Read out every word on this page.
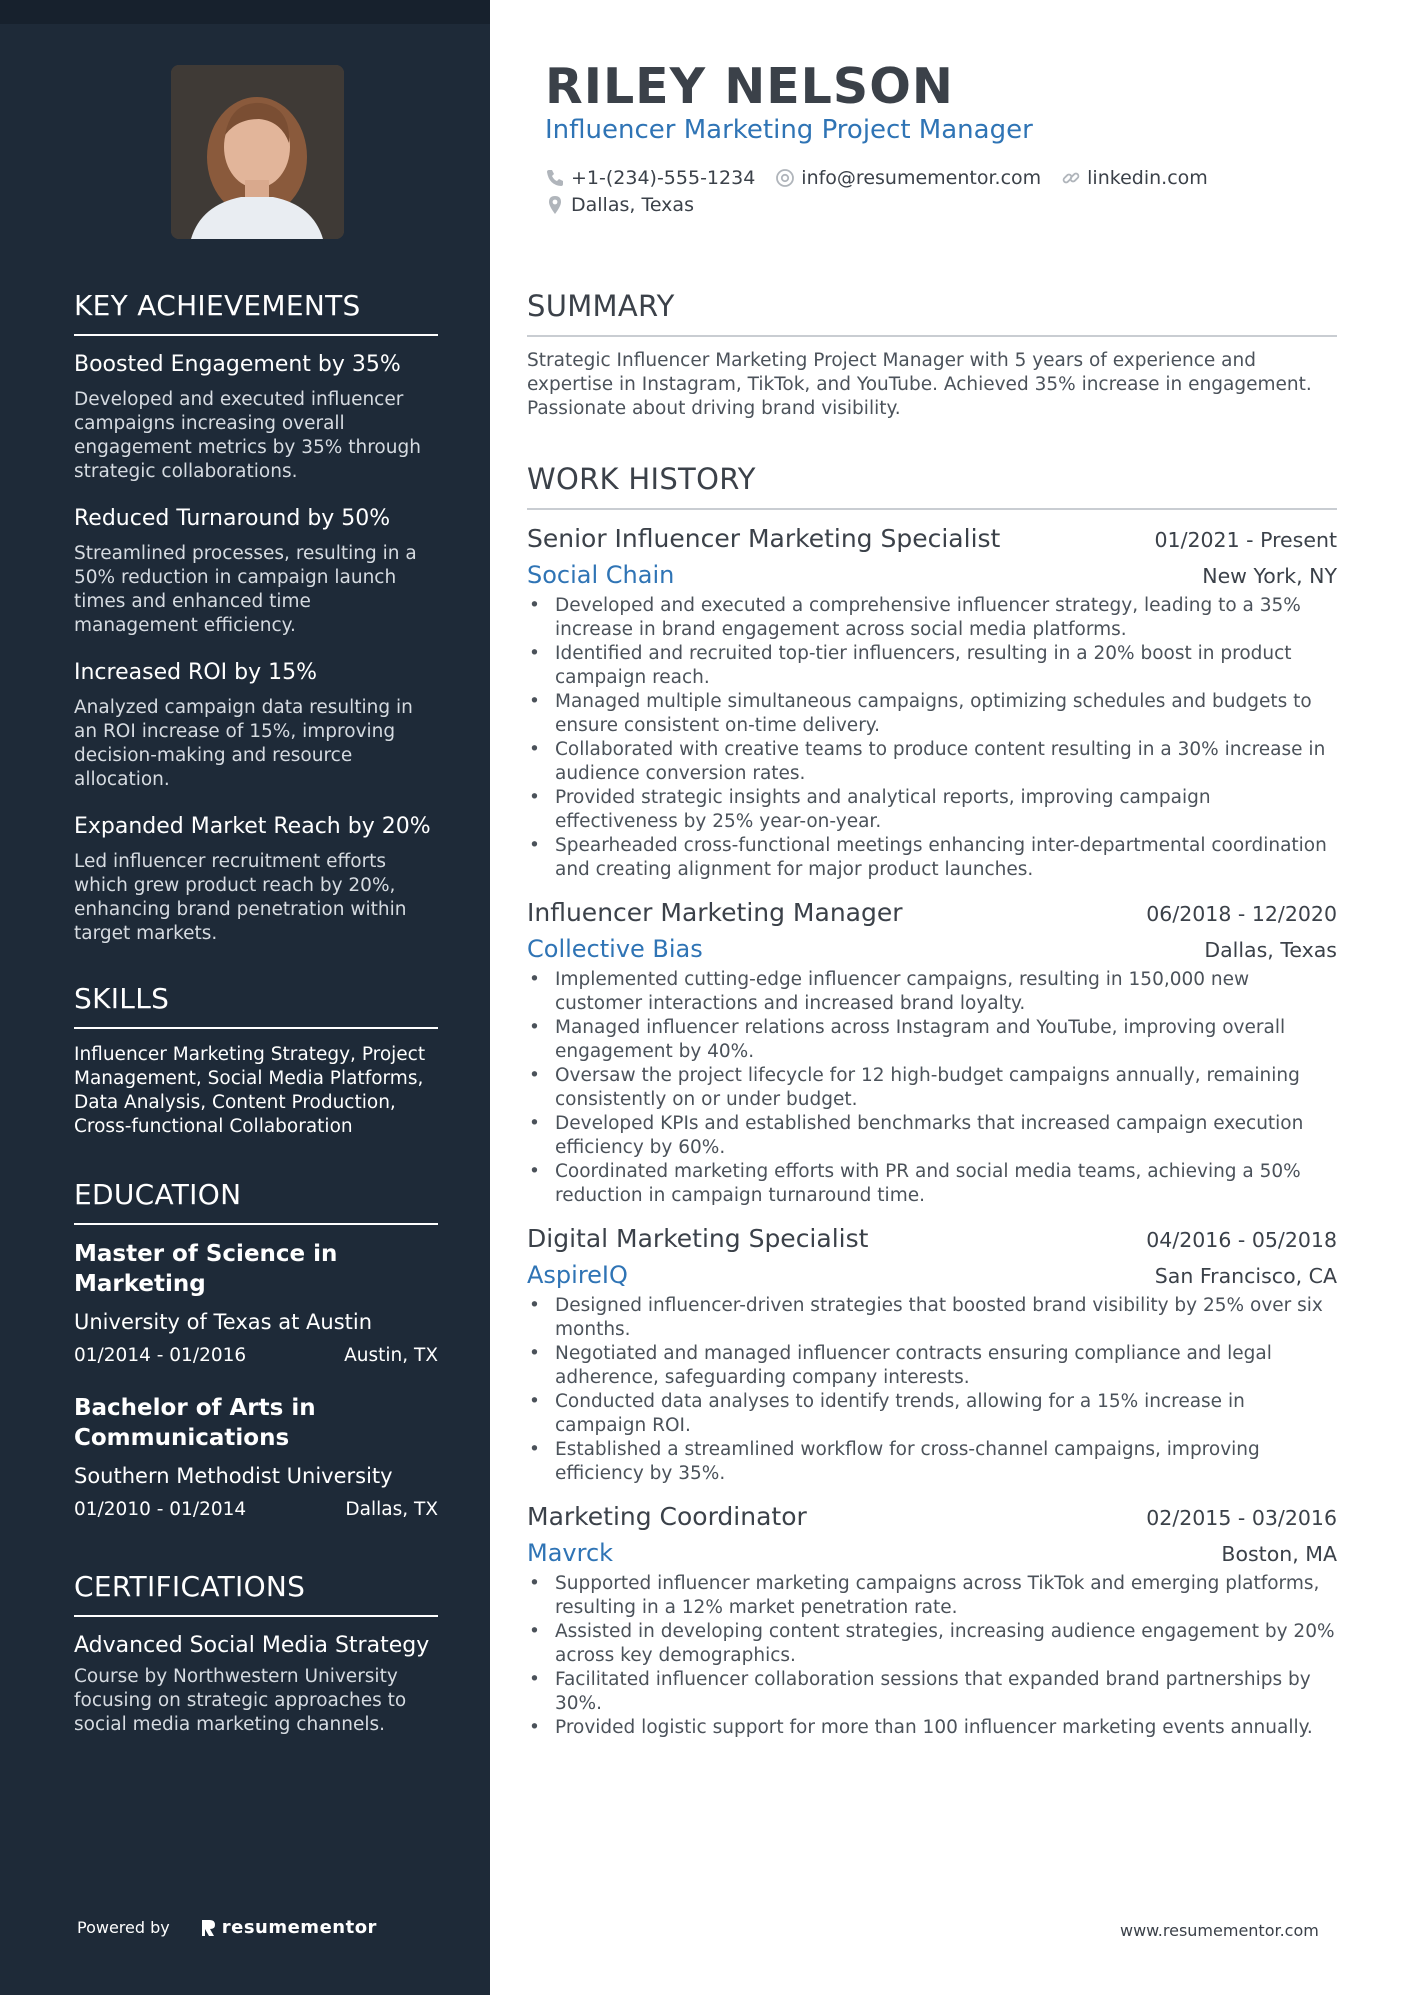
KEY ACHIEVEMENTS
Boosted Engagement by 35%
Developed and executed influencer campaigns increasing overall engagement metrics by 35% through strategic collaborations.
Reduced Turnaround by 50%
Streamlined processes, resulting in a 50% reduction in campaign launch times and enhanced time management efficiency.
Increased ROI by 15%
Analyzed campaign data resulting in an ROI increase of 15%, improving decision-making and resource allocation.
Expanded Market Reach by 20%
Led influencer recruitment efforts which grew product reach by 20%, enhancing brand penetration within target markets.
SKILLS
Influencer Marketing Strategy, Project Management, Social Media Platforms, Data Analysis, Content Production, Cross-functional Collaboration
EDUCATION
Master of Science in Marketing
University of Texas at Austin
01/2014 - 01/2016	Austin, TX
Bachelor of Arts in Communications
Southern Methodist University
01/2010 - 01/2014	Dallas, TX
CERTIFICATIONS
Advanced Social Media Strategy
Course by Northwestern University focusing on strategic approaches to social media marketing channels.
Powered by	resumementor
RILEY NELSON
Influencer Marketing Project Manager
+1-(234)-555-1234 info@resumementor.com linkedin.com
Dallas, Texas
SUMMARY
Strategic Influencer Marketing Project Manager with 5 years of experience and expertise in Instagram, TikTok, and YouTube. Achieved 35% increase in engagement. Passionate about driving brand visibility.
WORK HISTORY
Senior Influencer Marketing Specialist	01/2021 - Present
Social Chain	New York, NY
• Developed and executed a comprehensive influencer strategy, leading to a 35% increase in brand engagement across social media platforms.
• Identified and recruited top-tier influencers, resulting in a 20% boost in product campaign reach.
• Managed multiple simultaneous campaigns, optimizing schedules and budgets to ensure consistent on-time delivery.
• Collaborated with creative teams to produce content resulting in a 30% increase in audience conversion rates.
• Provided strategic insights and analytical reports, improving campaign effectiveness by 25% year-on-year.
• Spearheaded cross-functional meetings enhancing inter-departmental coordination and creating alignment for major product launches.
Influencer Marketing Manager	06/2018 - 12/2020
Collective Bias	Dallas, Texas
• Implemented cutting-edge influencer campaigns, resulting in 150,000 new customer interactions and increased brand loyalty.
• Managed influencer relations across Instagram and YouTube, improving overall engagement by 40%.
• Oversaw the project lifecycle for 12 high-budget campaigns annually, remaining consistently on or under budget.
• Developed KPIs and established benchmarks that increased campaign execution efficiency by 60%.
• Coordinated marketing efforts with PR and social media teams, achieving a 50% reduction in campaign turnaround time.
Digital Marketing Specialist	04/2016 - 05/2018
AspireIQ	San Francisco, CA
• Designed influencer-driven strategies that boosted brand visibility by 25% over six months.
• Negotiated and managed influencer contracts ensuring compliance and legal adherence, safeguarding company interests.
• Conducted data analyses to identify trends, allowing for a 15% increase in campaign ROI.
• Established a streamlined workflow for cross-channel campaigns, improving efficiency by 35%.
Marketing Coordinator	02/2015 - 03/2016
Mavrck	Boston, MA
• Supported influencer marketing campaigns across TikTok and emerging platforms, resulting in a 12% market penetration rate.
• Assisted in developing content strategies, increasing audience engagement by 20% across key demographics.
• Facilitated influencer collaboration sessions that expanded brand partnerships by 30%.
• Provided logistic support for more than 100 influencer marketing events annually.
www.resumementor.com
